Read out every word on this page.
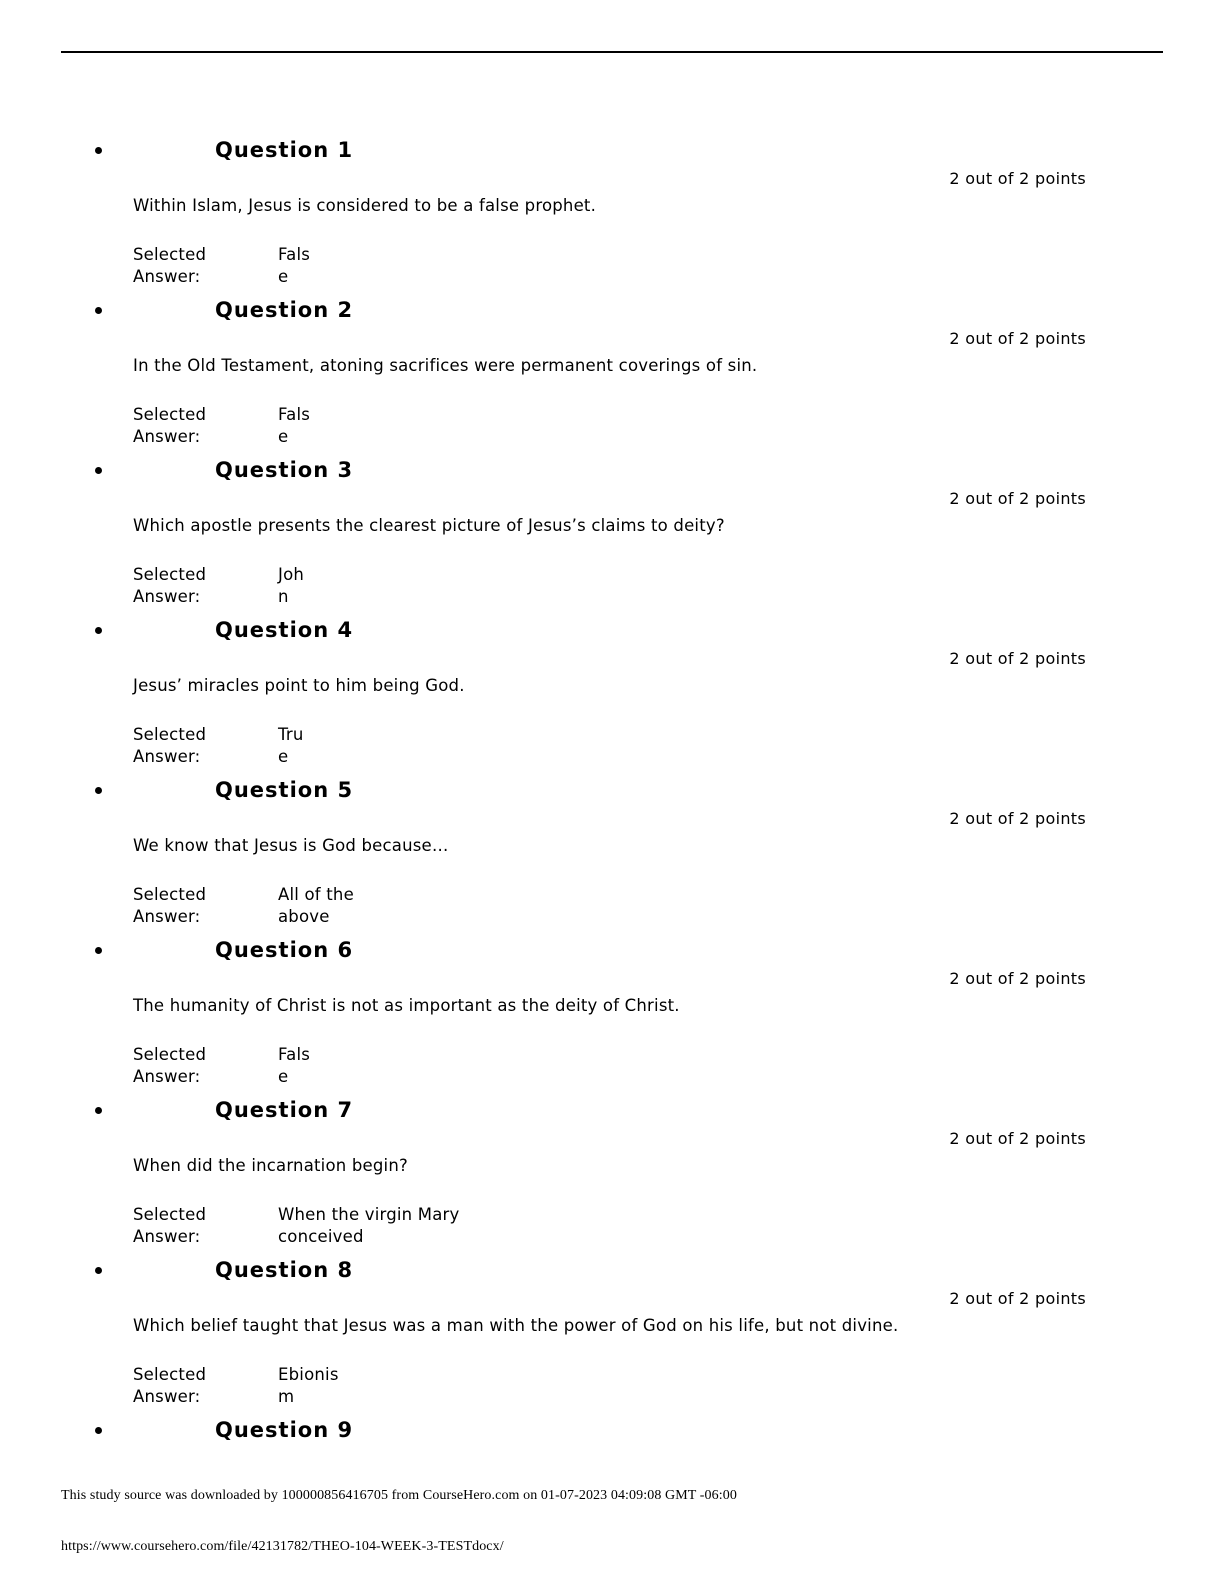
Question 1
2 out of 2 points
Within Islam, Jesus is considered to be a false prophet.
Selected
Answer:
Fals
e
Question 2
2 out of 2 points
In the Old Testament, atoning sacrifices were permanent coverings of sin.
Selected
Answer:
Fals
e
Question 3
2 out of 2 points
Which apostle presents the clearest picture of Jesus’s claims to deity?
Selected
Answer:
Joh
n
Question 4
2 out of 2 points
Jesus’ miracles point to him being God.
Selected
Answer:
Tru
e
Question 5
2 out of 2 points
We know that Jesus is God because…
Selected
Answer:
All of the
above
Question 6
2 out of 2 points
The humanity of Christ is not as important as the deity of Christ.
Selected
Answer:
Fals
e
Question 7
2 out of 2 points
When did the incarnation begin?
Selected
Answer:
When the virgin Mary
conceived
Question 8
2 out of 2 points
Which belief taught that Jesus was a man with the power of God on his life, but not divine.
Selected
Answer:
Ebionis
m
Question 9
This study source was downloaded by 100000856416705 from CourseHero.com on 01-07-2023 04:09:08 GMT -06:00
https://www.coursehero.com/file/42131782/THEO-104-WEEK-3-TESTdocx/
